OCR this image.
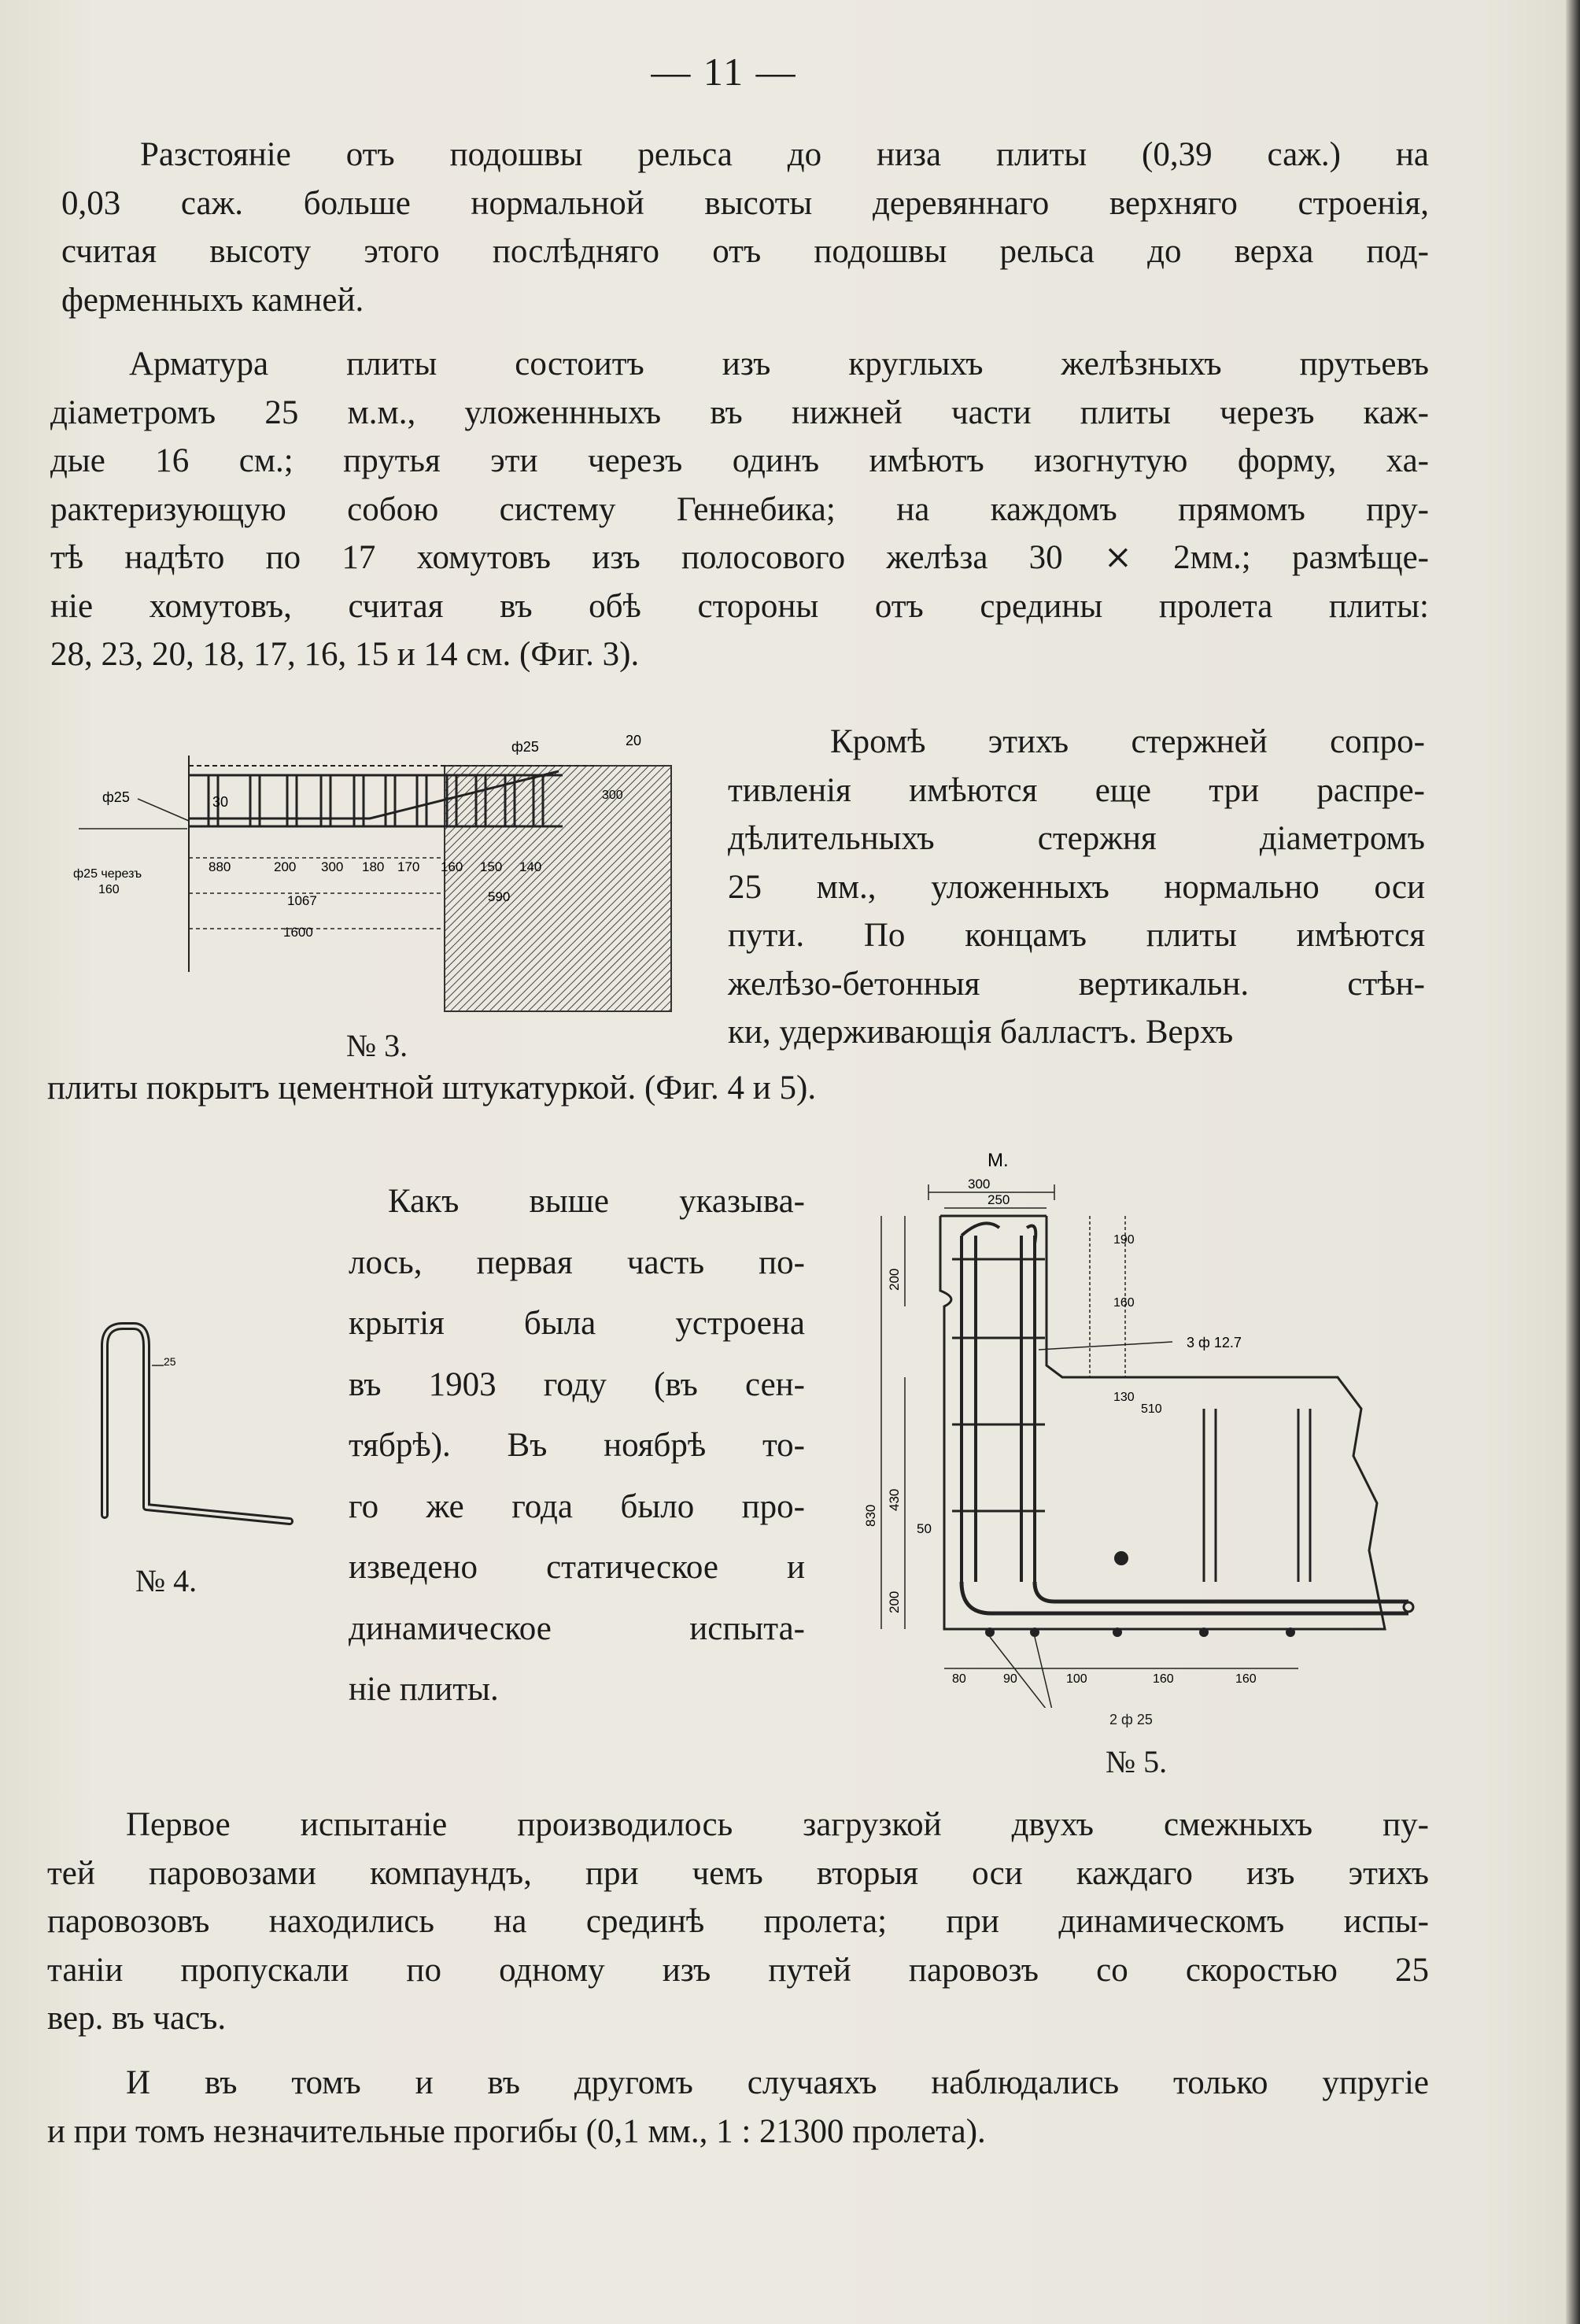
— 11 —
Разстояніе отъ подошвы рельса до низа плиты (0,39 саж.) на
0,03 саж. больше нормальной высоты деревяннаго верхняго строенія,
считая высоту этого послѣдняго отъ подошвы рельса до верха под-
ферменныхъ камней.
Арматура плиты состоитъ изъ круглыхъ желѣзныхъ прутьевъ
діаметромъ 25 м.м., уложеннныхъ въ нижней части плиты черезъ каж-
дые 16 см.; прутья эти черезъ одинъ имѣютъ изогнутую форму, ха-
рактеризующую собою систему Геннебика; на каждомъ прямомъ пру-
тѣ надѣто по 17 хомутовъ изъ полосового желѣза 30 ⨯ 2мм.; размѣще-
ніе хомутовъ, считая въ обѣ стороны отъ средины пролета плиты:
28, 23, 20, 18, 17, 16, 15 и 14 см. (Фиг. 3).
Кромѣ этихъ стержней сопро-
тивленія имѣются еще три распре-
дѣлительныхъ стержня діаметромъ
25 мм., уложенныхъ нормально оси
пути. По концамъ плиты имѣются
желѣзо-бетонныя вертикальн. стѣн-
ки, удерживающія балластъ. Верхъ
плиты покрытъ цементной штукатуркой. (Фиг. 4 и 5).
Какъ выше указыва-
лось, первая часть по-
крытія была устроена
въ 1903 году (въ сен-
тябрѣ). Въ ноябрѣ то-
го же года было про-
изведено статическое и
динамическое испыта-
ніе плиты.
Первое испытаніе производилось загрузкой двухъ смежныхъ пу-
тей паровозами компаундъ, при чемъ вторыя оси каждаго изъ этихъ
паровозовъ находились на срединѣ пролета; при динамическомъ испы-
таніи пропускали по одному изъ путей паровозъ со скоростью 25
вер. въ часъ.
И въ томъ и въ другомъ случаяхъ наблюдались только упругіе
и при томъ незначительные прогибы (0,1 мм., 1 : 21300 пролета).
ф25
ф25 черезъ
160
ф25	20
30	300
880	200 300 180 170 160 150 140
1067	590
1600
№ 3.
25
№ 4.
М.
300
250
200
430
830
50
200
190
160
130
510
3 ф 12.7
80	90	100	160	160
2 ф 25
№ 5.
